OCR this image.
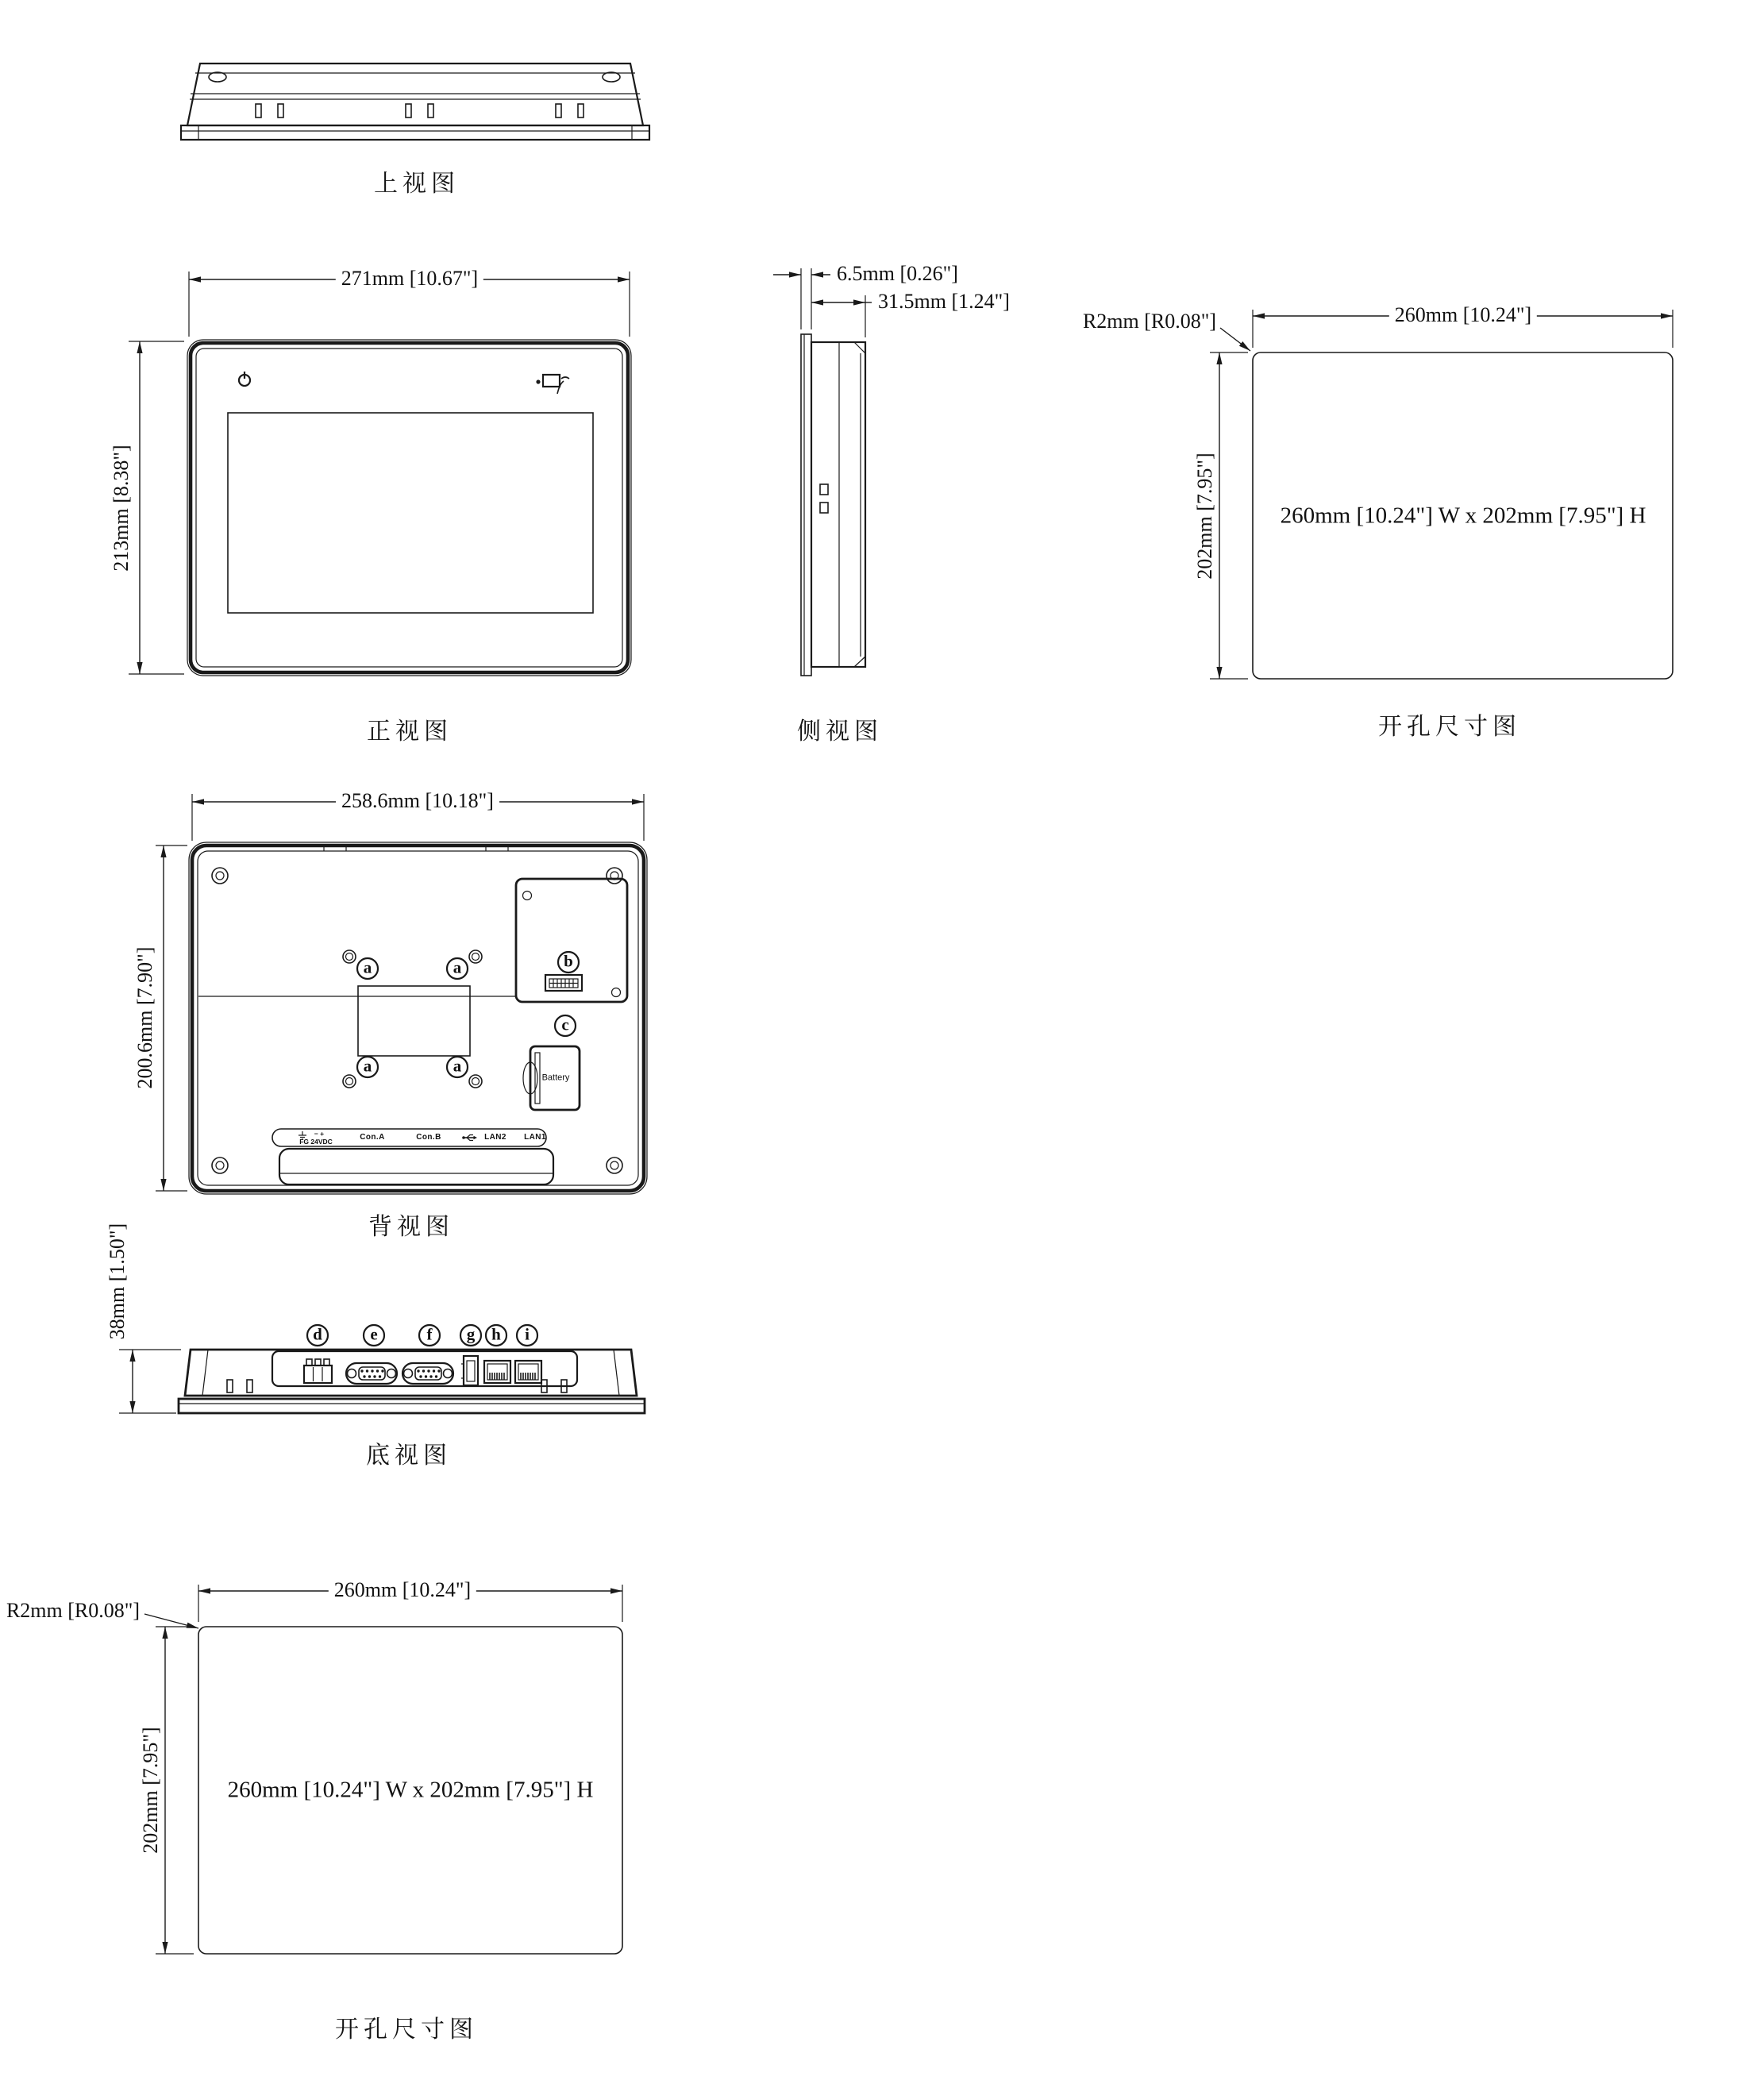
上视图
正视图	侧视图	开孔尺寸图
背视图
底视图
开孔尺寸图
271mm [10.67"]
213mm [8.38"]
6.5mm [0.26"]
31.5mm [1.24"]
260mm [10.24"]
R2mm [R0.08"]
202mm [7.95"]	260mm [10.24"] W x 202mm [7.95"] H
258.6mm [10.18"]
200.6mm [7.90"]
38mm [1.50"]
260mm [10.24"]
R2mm [R0.08"]
202mm [7.95"]	260mm [10.24"] W x 202mm [7.95"] H
a	a
a	a
b
c
Battery
− +
FG 24VDC	Con.A	Con.B	LAN2 LAN1
d	e	f g h i
